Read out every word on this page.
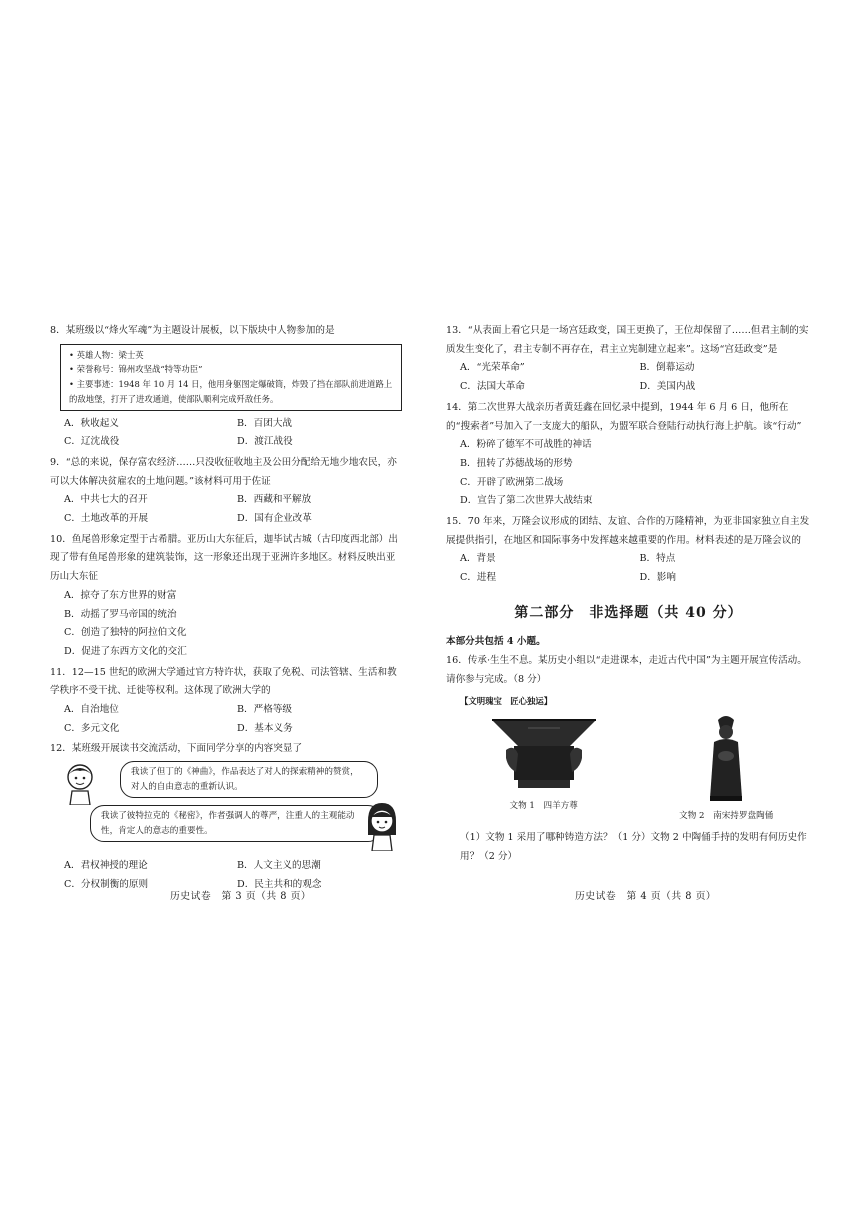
8．某班级以“烽火军魂”为主题设计展板，以下版块中人物参加的是
• 英雄人物：梁士英
• 荣誉称号：锦州攻坚战“特等功臣”
• 主要事迹：1948 年 10 月 14 日，他用身躯图定爆破筒，炸毁了挡在部队前进道路上的敌地堡，打开了进攻通道，使部队顺利完成歼敌任务。
A．秋收起义	B．百团大战
C．辽沈战役	D．渡江战役
9．“总的来说，保存富农经济……只没收征收地主及公田分配给无地少地农民，亦可以大体解决贫雇农的土地问题。”该材料可用于佐证
A．中共七大的召开	B．西藏和平解放
C．土地改革的开展	D．国有企业改革
10．鱼尾兽形象定型于古希腊。亚历山大东征后，迦毕试古城（古印度西北部）出现了带有鱼尾兽形象的建筑装饰，这一形象还出现于亚洲许多地区。材料反映出亚历山大东征
A．掠夺了东方世界的财富
B．动摇了罗马帝国的统治
C．创造了独特的阿拉伯文化
D．促进了东西方文化的交汇
11．12—15 世纪的欧洲大学通过官方特许状，获取了免税、司法管辖、生活和教学秩序不受干扰、迁徙等权利。这体现了欧洲大学的
A．自治地位	B．严格等级
C．多元文化	D．基本义务
12．某班级开展读书交流活动，下面同学分享的内容突显了
我读了但丁的《神曲》，作品表达了对人的探索精神的赞赏，对人的自由意志的重新认识。
我读了彼特拉克的《秘密》，作者强调人的尊严，注重人的主观能动性，肯定人的意志的重要性。
A．君权神授的理论	B．人文主义的思潮
C．分权制衡的原则	D．民主共和的观念
历史试卷　第 3 页（共 8 页）
13．“从表面上看它只是一场宫廷政变，国王更换了，王位却保留了……但君主制的实质发生变化了，君主专制不再存在，君主立宪制建立起来”。这场“宫廷政变”是
A．“光荣革命”	B．倒幕运动
C．法国大革命	D．美国内战
14．第二次世界大战亲历者黄廷鑫在回忆录中提到，1944 年 6 月 6 日，他所在的“搜索者”号加入了一支庞大的船队，为盟军联合登陆行动执行海上护航。该“行动”
A．粉碎了德军不可战胜的神话
B．扭转了苏德战场的形势
C．开辟了欧洲第二战场
D．宣告了第二次世界大战结束
15．70 年来，万隆会议形成的团结、友谊、合作的万隆精神，为亚非国家独立自主发展提供指引，在地区和国际事务中发挥越来越重要的作用。材料表述的是万隆会议的
A．背景	B．特点
C．进程	D．影响
第二部分　非选择题（共 40 分）
本部分共包括 4 小题。
16．传承·生生不息。某历史小组以“走进课本，走近古代中国”为主题开展宣传活动。请你参与完成。（8 分）
【文明瑰宝　匠心独运】
文物 1　四羊方尊
文物 2　南宋持罗盘陶俑
（1）文物 1 采用了哪种铸造方法？（1 分）文物 2 中陶俑手持的发明有何历史作用？（2 分）
历史试卷　第 4 页（共 8 页）
